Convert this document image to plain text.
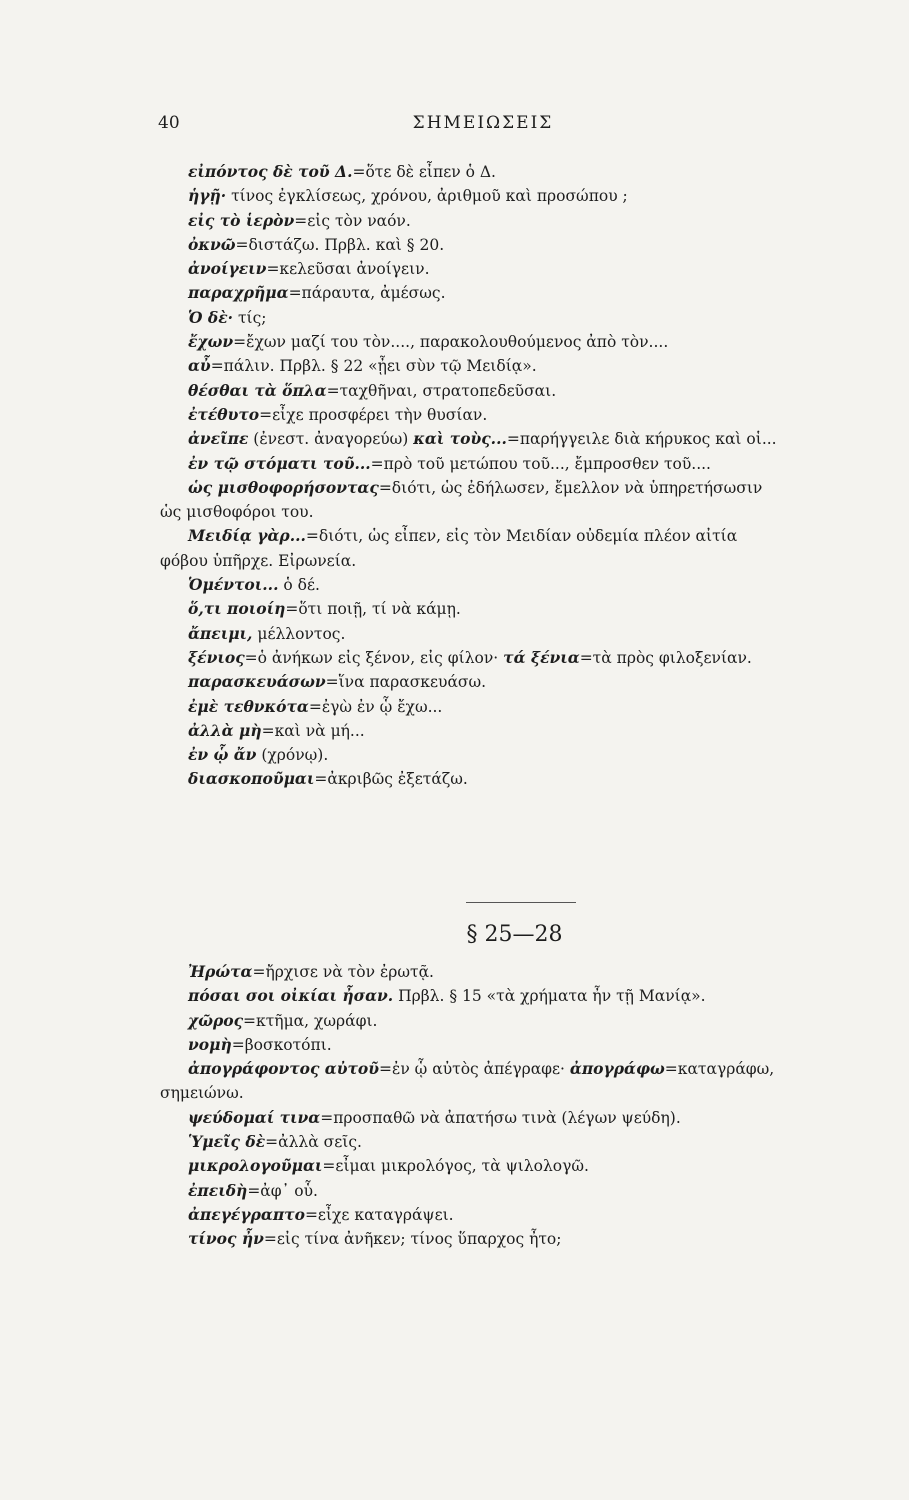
40	ΣΗΜΕΙΩΣΕΙΣ
εἰπόντος δὲ τοῦ Δ.=ὅτε δὲ εἶπεν ὁ Δ.
ἡγῇ· τίνος ἐγκλίσεως, χρόνου, ἀριθμοῦ καὶ προσώπου ;
εἰς τὸ ἱερὸν=εἰς τὸν ναόν.
ὀκνῶ=διστάζω. Πρβλ. καὶ § 20.
ἀνοίγειν=κελεῦσαι ἀνοίγειν.
παραχρῆμα=πάραυτα, ἀμέσως.
Ὁ δὲ· τίς;
ἔχων=ἔχων μαζί του τὸν...., παρακολουθούμενος ἀπὸ τὸν....
αὖ=πάλιν. Πρβλ. § 22 «ᾖει σὺν τῷ Μειδίᾳ».
θέσθαι τὰ ὅπλα=ταχθῆναι, στρατοπεδεῦσαι.
ἐτέθυτο=εἶχε προσφέρει τὴν θυσίαν.
ἀνεῖπε (ἐνεστ. ἀναγορεύω) καὶ τοὺς...=παρήγγειλε διὰ κήρυκος καὶ οἱ...
ἐν τῷ στόματι τοῦ...=πρὸ τοῦ μετώπου τοῦ..., ἔμπροσθεν τοῦ....
ὡς μισθοφορήσοντας=διότι, ὡς ἐδήλωσεν, ἔμελλον νὰ ὑπηρετήσωσιν
ὡς μισθοφόροι του.
Μειδίᾳ γὰρ...=διότι, ὡς εἶπεν, εἰς τὸν Μειδίαν οὐδεμία πλέον αἰτία
φόβου ὑπῆρχε. Εἰρωνεία.
Ὁμέντοι... ὁ δέ.
ὅ,τι ποιοίη=ὅτι ποιῇ, τί νὰ κάμῃ.
ἄπειμι, μέλλοντος.
ξένιος=ὁ ἀνήκων εἰς ξένον, εἰς φίλον· τά ξένια=τὰ πρὸς φιλοξενίαν.
παρασκευάσων=ἵνα παρασκευάσω.
ἐμὲ τεθνκότα=ἐγὼ ἐν ᾧ ἔχω...
ἀλλὰ μὴ=καὶ νὰ μή...
ἐν ᾧ ἄν (χρόνῳ).
διασκοποῦμαι=ἀκριβῶς ἐξετάζω.
§ 25—28
Ἠρώτα=ἤρχισε νὰ τὸν ἐρωτᾷ.
πόσαι σοι οἰκίαι ἦσαν. Πρβλ. § 15 «τὰ χρήματα ἦν τῇ Μανίᾳ».
χῶρος=κτῆμα, χωράφι.
νομὴ=βοσκοτόπι.
ἀπογράφοντος αὐτοῦ=ἐν ᾧ αὐτὸς ἀπέγραφε· ἀπογράφω=καταγράφω,
σημειώνω.
ψεύδομαί τινα=προσπαθῶ νὰ ἀπατήσω τινὰ (λέγων ψεύδη).
Ὑμεῖς δὲ=ἀλλὰ σεῖς.
μικρολογοῦμαι=εἶμαι μικρολόγος, τὰ ψιλολογῶ.
ἐπειδὴ=ἀφ᾽ οὗ.
ἀπεγέγραπτο=εἶχε καταγράψει.
τίνος ἦν=εἰς τίνα ἀνῆκεν; τίνος ὕπαρχος ἦτο;
